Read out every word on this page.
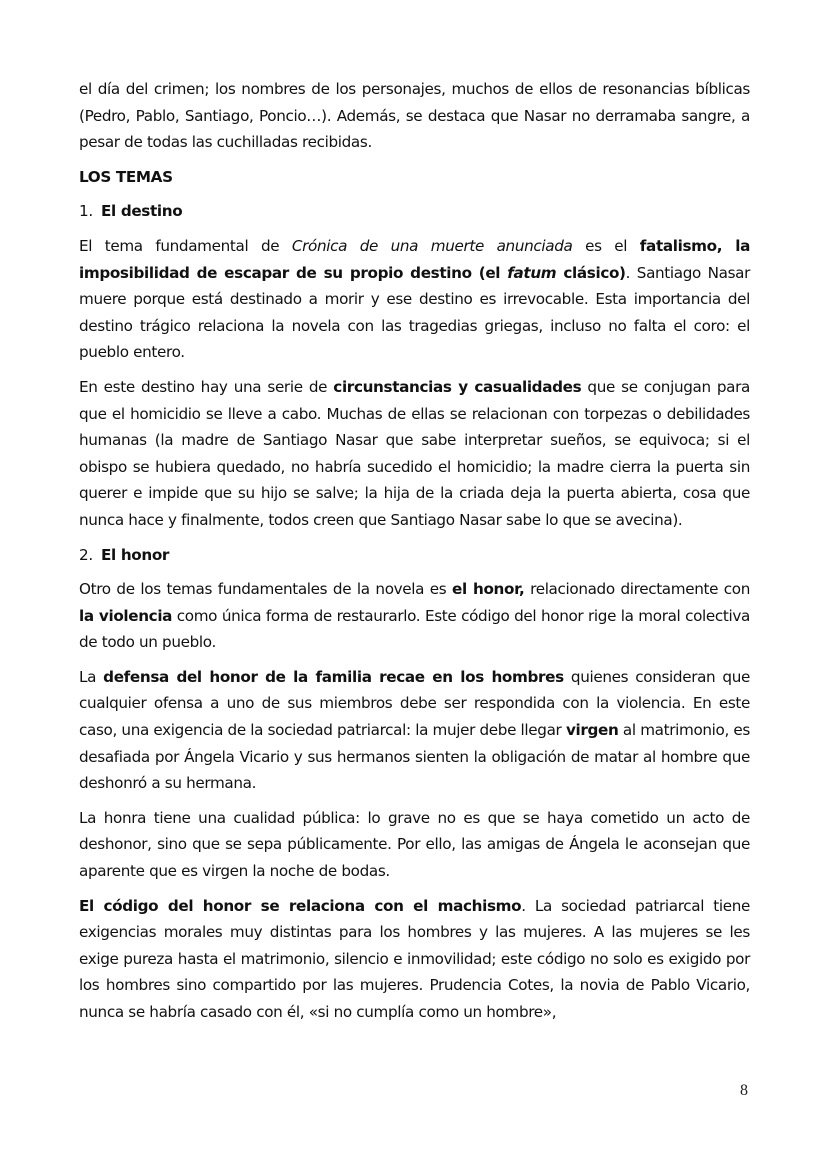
el día del crimen; los nombres de los personajes, muchos de ellos de resonancias bíblicas (Pedro, Pablo, Santiago, Poncio…). Además, se destaca que Nasar no derramaba sangre, a pesar de todas las cuchilladas recibidas.

LOS TEMAS

1. El destino

El tema fundamental de Crónica de una muerte anunciada es el fatalismo, la imposibilidad de escapar de su propio destino (el fatum clásico). Santiago Nasar muere porque está destinado a morir y ese destino es irrevocable. Esta importancia del destino trágico relaciona la novela con las tragedias griegas, incluso no falta el coro: el pueblo entero.

En este destino hay una serie de circunstancias y casualidades que se conjugan para que el homicidio se lleve a cabo. Muchas de ellas se relacionan con torpezas o debilidades humanas (la madre de Santiago Nasar que sabe interpretar sueños, se equivoca; si el obispo se hubiera quedado, no habría sucedido el homicidio; la madre cierra la puerta sin querer e impide que su hijo se salve; la hija de la criada deja la puerta abierta, cosa que nunca hace y finalmente, todos creen que Santiago Nasar sabe lo que se avecina).

2. El honor

Otro de los temas fundamentales de la novela es el honor, relacionado directamente con la violencia como única forma de restaurarlo. Este código del honor rige la moral colectiva de todo un pueblo.

La defensa del honor de la familia recae en los hombres quienes consideran que cualquier ofensa a uno de sus miembros debe ser respondida con la violencia. En este caso, una exigencia de la sociedad patriarcal: la mujer debe llegar virgen al matrimonio, es desafiada por Ángela Vicario y sus hermanos sienten la obligación de matar al hombre que deshonró a su hermana.

La honra tiene una cualidad pública: lo grave no es que se haya cometido un acto de deshonor, sino que se sepa públicamente. Por ello, las amigas de Ángela le aconsejan que aparente que es virgen la noche de bodas.

El código del honor se relaciona con el machismo. La sociedad patriarcal tiene exigencias morales muy distintas para los hombres y las mujeres. A las mujeres se les exige pureza hasta el matrimonio, silencio e inmovilidad; este código no solo es exigido por los hombres sino compartido por las mujeres. Prudencia Cotes, la novia de Pablo Vicario, nunca se habría casado con él, «si no cumplía como un hombre»,

8
